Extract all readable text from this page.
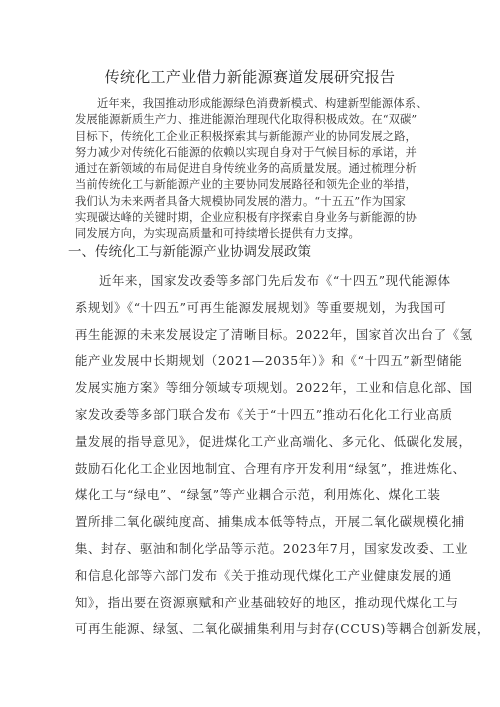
传统化工产业借力新能源赛道发展研究报告
近年来，我国推动形成能源绿色消费新模式、构建新型能源体系、
发展能源新质生产力、推进能源治理现代化取得积极成效。在“双碳”
目标下，传统化工企业正积极探索其与新能源产业的协同发展之路，
努力减少对传统化石能源的依赖以实现自身对于气候目标的承诺，并
通过在新领域的布局促进自身传统业务的高质量发展。通过梳理分析
当前传统化工与新能源产业的主要协同发展路径和领先企业的举措，
我们认为未来两者具备大规模协同发展的潜力。“十五五”作为国家
实现碳达峰的关键时期，企业应积极有序探索自身业务与新能源的协
同发展方向，为实现高质量和可持续增长提供有力支撑。
一、传统化工与新能源产业协调发展政策
近年来，国家发改委等多部门先后发布《“十四五”现代能源体
系规划》《“十四五”可再生能源发展规划》等重要规划，为我国可
再生能源的未来发展设定了清晰目标。2022年，国家首次出台了《氢
能产业发展中长期规划（2021—2035年）》和《“十四五”新型储能
发展实施方案》等细分领域专项规划。2022年，工业和信息化部、国
家发改委等多部门联合发布《关于“十四五”推动石化化工行业高质
量发展的指导意见》，促进煤化工产业高端化、多元化、低碳化发展，
鼓励石化化工企业因地制宜、合理有序开发利用“绿氢”，推进炼化、
煤化工与“绿电”、“绿氢”等产业耦合示范，利用炼化、煤化工装
置所排二氧化碳纯度高、捕集成本低等特点，开展二氧化碳规模化捕
集、封存、驱油和制化学品等示范。2023年7月，国家发改委、工业
和信息化部等六部门发布《关于推动现代煤化工产业健康发展的通
知》，指出要在资源禀赋和产业基础较好的地区，推动现代煤化工与
可再生能源、绿氢、二氧化碳捕集利用与封存(CCUS)等耦合创新发展，
